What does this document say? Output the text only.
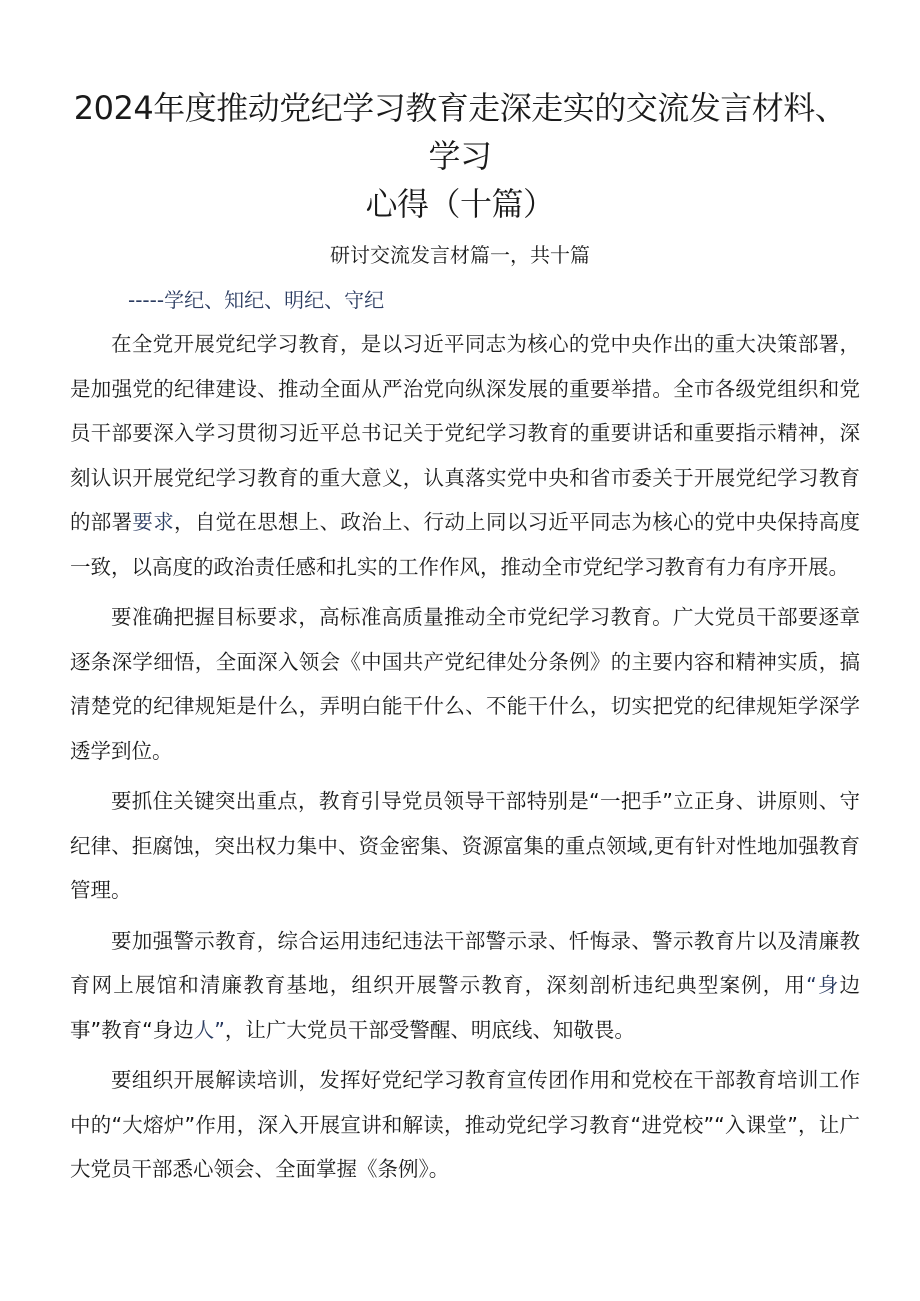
2024年度推动党纪学习教育走深走实的交流发言材料、学习
心得（十篇）
研讨交流发言材篇一，共十篇
-----学纪、知纪、明纪、守纪

在全党开展党纪学习教育，是以习近平同志为核心的党中央作出的重大决策部署，是加强党的纪律建设、推动全面从严治党向纵深发展的重要举措。全市各级党组织和党员干部要深入学习贯彻习近平总书记关于党纪学习教育的重要讲话和重要指示精神，深刻认识开展党纪学习教育的重大意义，认真落实党中央和省市委关于开展党纪学习教育的部署要求，自觉在思想上、政治上、行动上同以习近平同志为核心的党中央保持高度一致，以高度的政治责任感和扎实的工作作风，推动全市党纪学习教育有力有序开展。

要准确把握目标要求，高标准高质量推动全市党纪学习教育。广大党员干部要逐章逐条深学细悟，全面深入领会《中国共产党纪律处分条例》的主要内容和精神实质，搞清楚党的纪律规矩是什么，弄明白能干什么、不能干什么，切实把党的纪律规矩学深学透学到位。

要抓住关键突出重点，教育引导党员领导干部特别是“一把手”立正身、讲原则、守纪律、拒腐蚀，突出权力集中、资金密集、资源富集的重点领域,更有针对性地加强教育管理。

要加强警示教育，综合运用违纪违法干部警示录、忏悔录、警示教育片以及清廉教育网上展馆和清廉教育基地，组织开展警示教育，深刻剖析违纪典型案例，用“身边事”教育“身边人”，让广大党员干部受警醒、明底线、知敬畏。

要组织开展解读培训，发挥好党纪学习教育宣传团作用和党校在干部教育培训工作中的“大熔炉”作用，深入开展宣讲和解读，推动党纪学习教育“进党校”“入课堂”，让广大党员干部悉心领会、全面掌握《条例》。
